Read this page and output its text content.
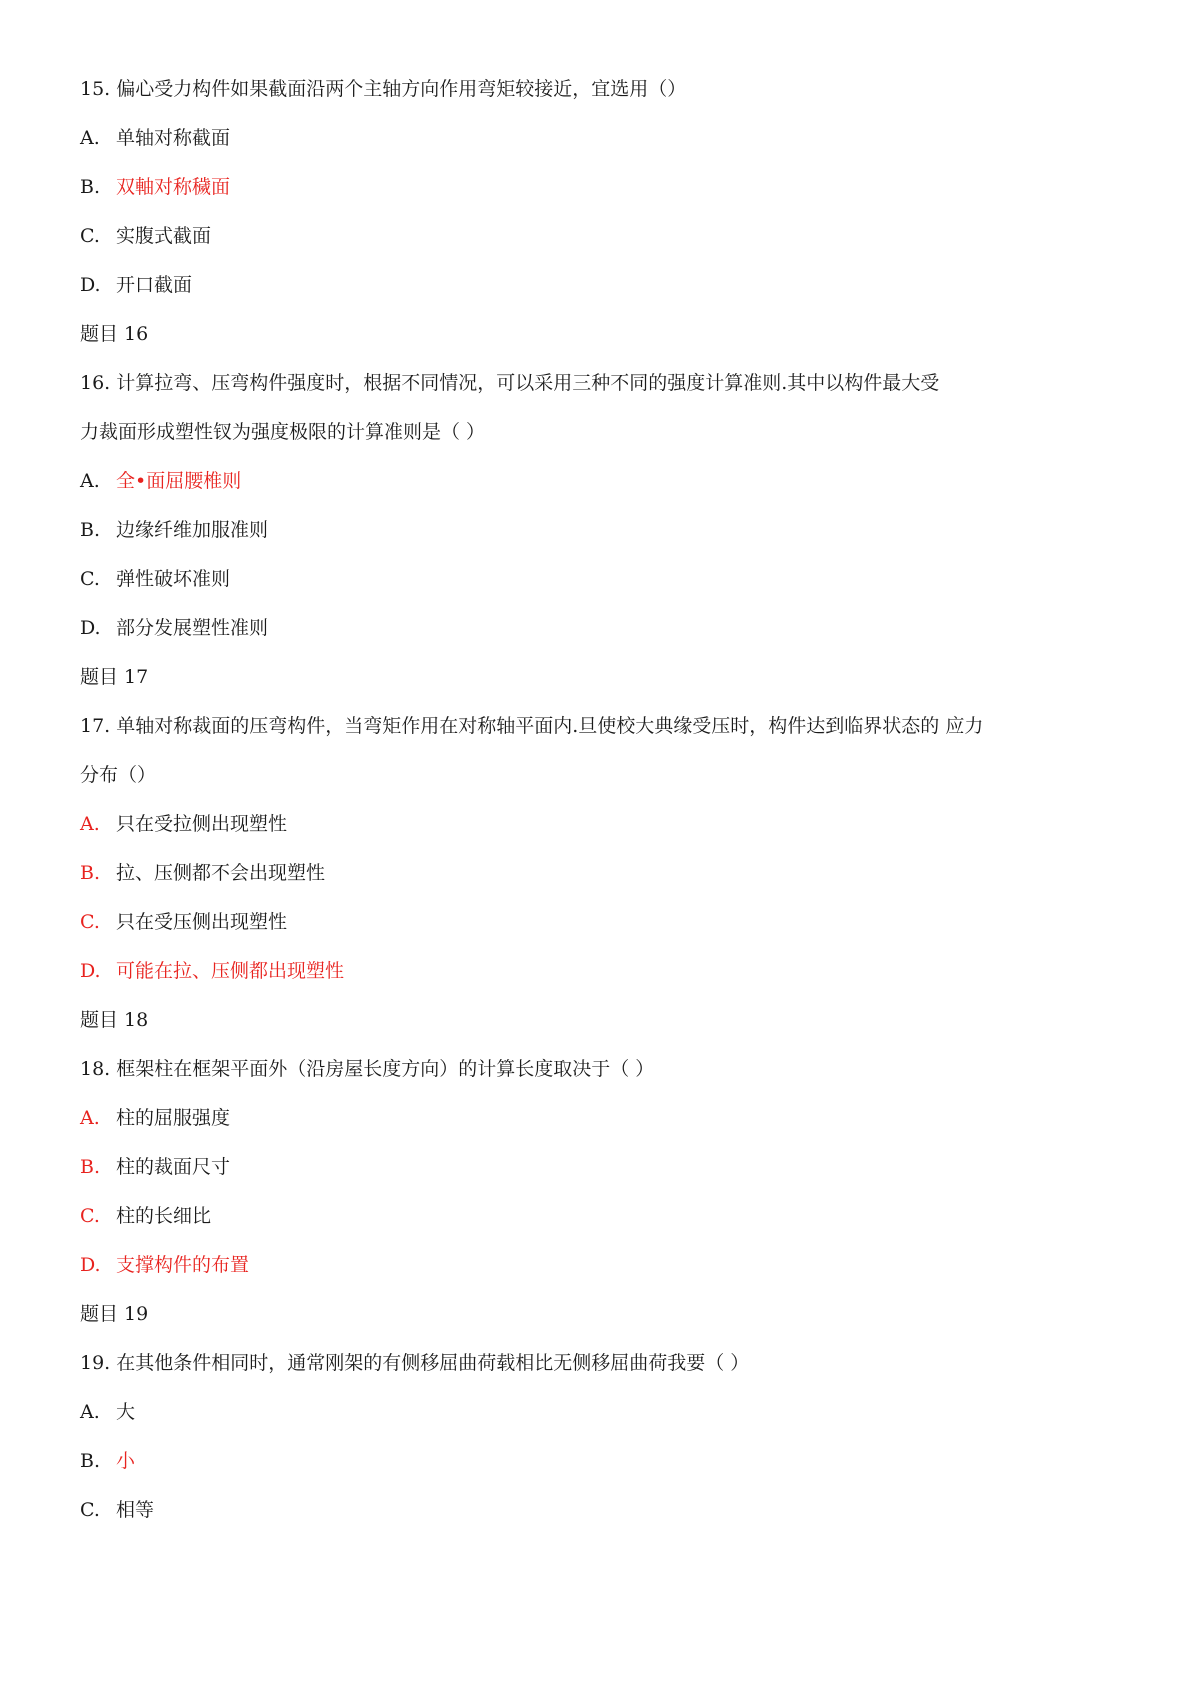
15. 偏心受力构件如果截面沿两个主轴方向作用弯矩较接近，宜选用（）
A. 单轴对称截面
B. 双軸对称穢面
C. 实腹式截面
D. 开口截面
题目 16
16. 计算拉弯、压弯构件强度时，根据不同情况，可以采用三种不同的强度计算准则.其中以构件最大受
力裁面形成塑性钗为强度极限的计算准则是（ ）
A. 全•面屈腰椎则
B. 边缘纤维加服准则
C. 弹性破坏准则
D. 部分发展塑性准则
题目 17
17. 单轴对称裁面的压弯构件，当弯矩作用在对称轴平面内.旦使校大典缘受压时，构件达到临界状态的 应力
分布（）
A. 只在受拉侧出现塑性
B. 拉、压侧都不会出现塑性
C. 只在受压侧出现塑性
D. 可能在拉、压侧都出现塑性
题目 18
18. 框架柱在框架平面外（沿房屋长度方向）的计算长度取决于（ ）
A. 柱的屈服强度
B. 柱的裁面尺寸
C. 柱的长细比
D. 支撑构件的布置
题目 19
19. 在其他条件相同时，通常刚架的有侧移屈曲荷载相比无侧移屈曲荷我要（ ）
A. 大
B. 小
C. 相等
